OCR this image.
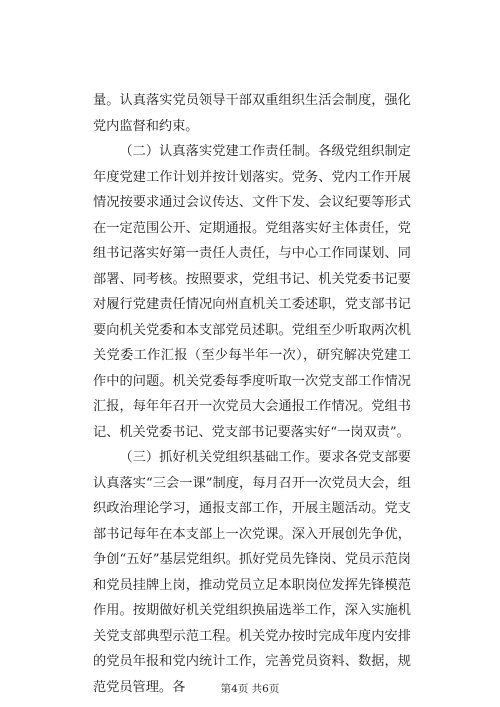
量。认真落实党员领导干部双重组织生活会制度，强化党内监督和约束。

（二）认真落实党建工作责任制。各级党组织制定年度党建工作计划并按计划落实。党务、党内工作开展情况按要求通过会议传达、文件下发、会议纪要等形式在一定范围公开、定期通报。党组落实好主体责任，党组书记落实好第一责任人责任，与中心工作同谋划、同部署、同考核。按照要求，党组书记、机关党委书记要对履行党建责任情况向州直机关工委述职，党支部书记要向机关党委和本支部党员述职。党组至少听取两次机关党委工作汇报（至少每半年一次），研究解决党建工作中的问题。机关党委每季度听取一次党支部工作情况汇报，每年年召开一次党员大会通报工作情况。党组书记、机关党委书记、党支部书记要落实好“一岗双责”。

（三）抓好机关党组织基础工作。要求各党支部要认真落实“三会一课”制度，每月召开一次党员大会，组织政治理论学习，通报支部工作，开展主题活动。党支部书记每年在本支部上一次党课。深入开展创先争优，争创“五好”基层党组织。抓好党员先锋岗、党员示范岗和党员挂牌上岗，推动党员立足本职岗位发挥先锋模范作用。按期做好机关党组织换届选举工作，深入实施机关党支部典型示范工程。机关党办按时完成年度内安排的党员年报和党内统计工作，完善党员资料、数据，规范党员管理。各	第4页 共6页
